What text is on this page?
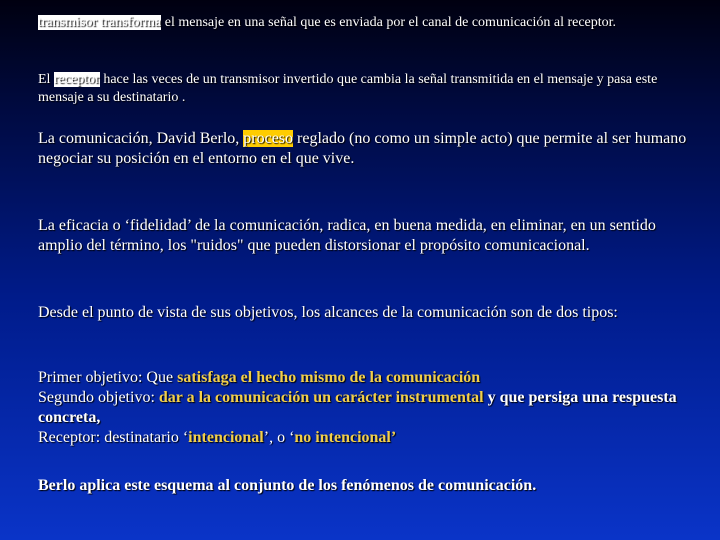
transmisor transforma el mensaje en una señal que es enviada por el canal de comunicación al receptor.

El receptor hace las veces de un transmisor invertido que cambia la señal transmitida en el mensaje y pasa este mensaje a su destinatario .

La comunicación, David Berlo, proceso reglado (no como un simple acto) que permite al ser humano negociar su posición en el entorno en el que vive.

La eficacia o ‘fidelidad’ de la comunicación, radica, en buena medida, en eliminar, en un sentido amplio del término, los "ruidos" que pueden distorsionar el propósito comunicacional.

Desde el punto de vista de sus objetivos, los alcances de la comunicación son de dos tipos:

Primer objetivo: Que satisfaga el hecho mismo de la comunicación
Segundo objetivo: dar a la comunicación un carácter instrumental y que persiga una respuesta concreta,
Receptor: destinatario ‘intencional’, o ‘no intencional’

Berlo aplica este esquema al conjunto de los fenómenos de comunicación.
